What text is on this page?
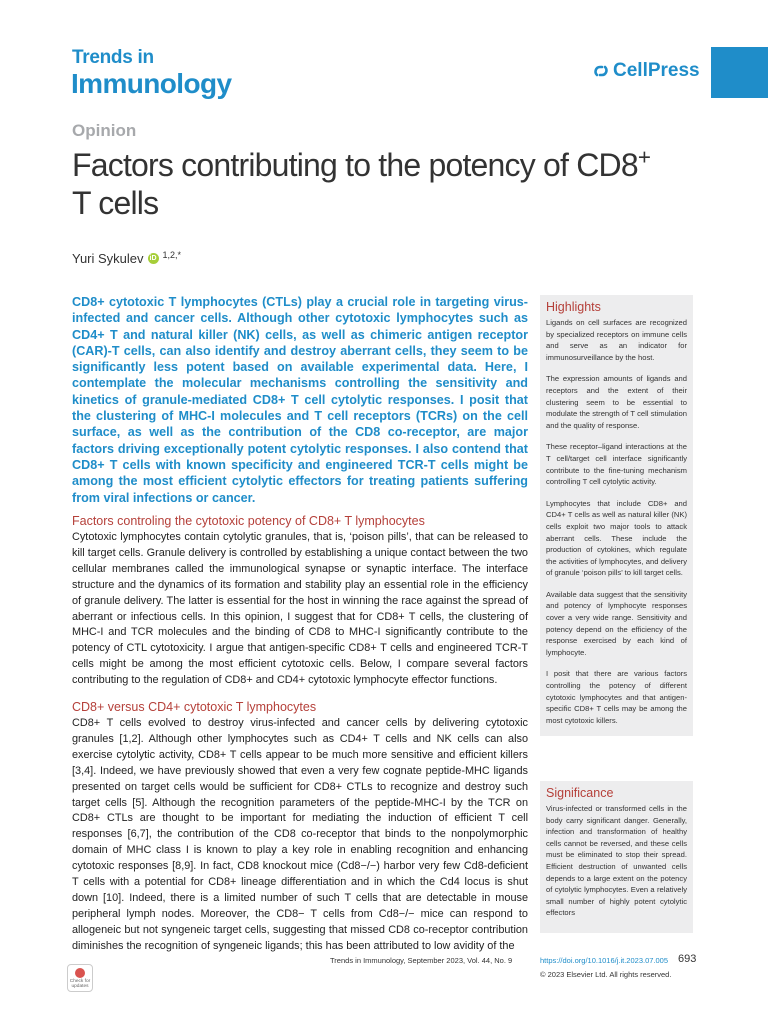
Trends in
Immunology	CellPress
Opinion
Factors contributing to the potency of CD8+
T cells
Yuri Sykulev iD $^{1,2,*}$

CD8+ cytotoxic T lymphocytes (CTLs) play a crucial role in targeting virus-infected and cancer cells. Although other cytotoxic lymphocytes such as CD4+ T and natural killer (NK) cells, as well as chimeric antigen receptor (CAR)-T cells, can also identify and destroy aberrant cells, they seem to be significantly less potent based on available experimental data. Here, I contemplate the molecular mechanisms controlling the sensitivity and kinetics of granule-mediated CD8+ T cell cytolytic responses. I posit that the clustering of MHC-I molecules and T cell receptors (TCRs) on the cell surface, as well as the contribution of the CD8 co-receptor, are major factors driving exceptionally potent cytolytic responses. I also contend that CD8+ T cells with known specificity and engineered TCR-T cells might be among the most efficient cytolytic effectors for treating patients suffering from viral infections or cancer.

Factors controling the cytotoxic potency of CD8+ T lymphocytes

Cytotoxic lymphocytes contain cytolytic granules, that is, ‘poison pills’, that can be released to kill target cells. Granule delivery is controlled by establishing a unique contact between the two cellular membranes called the immunological synapse or synaptic interface. The interface structure and the dynamics of its formation and stability play an essential role in the efficiency of granule delivery. The latter is essential for the host in winning the race against the spread of aberrant or infectious cells. In this opinion, I suggest that for CD8+ T cells, the clustering of MHC-I and TCR molecules and the binding of CD8 to MHC-I significantly contribute to the potency of CTL cytotoxicity. I argue that antigen-specific CD8+ T cells and engineered TCR-T cells might be among the most efficient cytotoxic cells. Below, I compare several factors contributing to the regulation of CD8+ and CD4+ cytotoxic lymphocyte effector functions.

CD8+ versus CD4+ cytotoxic T lymphocytes

CD8+ T cells evolved to destroy virus-infected and cancer cells by delivering cytotoxic granules [1,2]. Although other lymphocytes such as CD4+ T cells and NK cells can also exercise cytolytic activity, CD8+ T cells appear to be much more sensitive and efficient killers [3,4]. Indeed, we have previously showed that even a very few cognate peptide-MHC ligands presented on target cells would be sufficient for CD8+ CTLs to recognize and destroy such target cells [5]. Although the recognition parameters of the peptide-MHC-I by the TCR on CD8+ CTLs are thought to be important for mediating the induction of efficient T cell responses [6,7], the contribution of the CD8 co-receptor that binds to the nonpolymorphic domain of MHC class I is known to play a key role in enabling recognition and enhancing cytotoxic responses [8,9]. In fact, CD8 knockout mice (Cd8−/−) harbor very few Cd8-deficient T cells with a potential for CD8+ lineage differentiation and in which the Cd4 locus is shut down [10]. Indeed, there is a limited number of such T cells that are detectable in mouse peripheral lymph nodes. Moreover, the CD8− T cells from Cd8−/− mice can respond to allogeneic but not syngeneic target cells, suggesting that missed CD8 co-receptor contribution diminishes the recognition of syngeneic ligands; this has been attributed to low avidity of the

Highlights
Ligands on cell surfaces are recognized by specialized receptors on immune cells and serve as an indicator for immunosurveillance by the host.
The expression amounts of ligands and receptors and the extent of their clustering seem to be essential to modulate the strength of T cell stimulation and the quality of response.
These receptor–ligand interactions at the T cell/target cell interface significantly contribute to the fine-tuning mechanism controlling T cell cytolytic activity.
Lymphocytes that include CD8+ and CD4+ T cells as well as natural killer (NK) cells exploit two major tools to attack aberrant cells. These include the production of cytokines, which regulate the activities of lymphocytes, and delivery of granule ‘poison pills’ to kill target cells.
Available data suggest that the sensitivity and potency of lymphocyte responses cover a very wide range. Sensitivity and potency depend on the efficiency of the response exercised by each kind of lymphocyte.
I posit that there are various factors controlling the potency of different cytotoxic lymphocytes and that antigen-specific CD8+ T cells may be among the most cytotoxic killers.
Significance
Virus-infected or transformed cells in the body carry significant danger. Generally, infection and transformation of healthy cells cannot be reversed, and these cells must be eliminated to stop their spread. Efficient destruction of unwanted cells depends to a large extent on the potency of cytolytic lymphocytes. Even a relatively small number of highly potent cytolytic effectors
Check for updates
Trends in Immunology, September 2023, Vol. 44, No. 9	https://doi.org/10.1016/j.it.2023.07.005
© 2023 Elsevier Ltd. All rights reserved.
693
